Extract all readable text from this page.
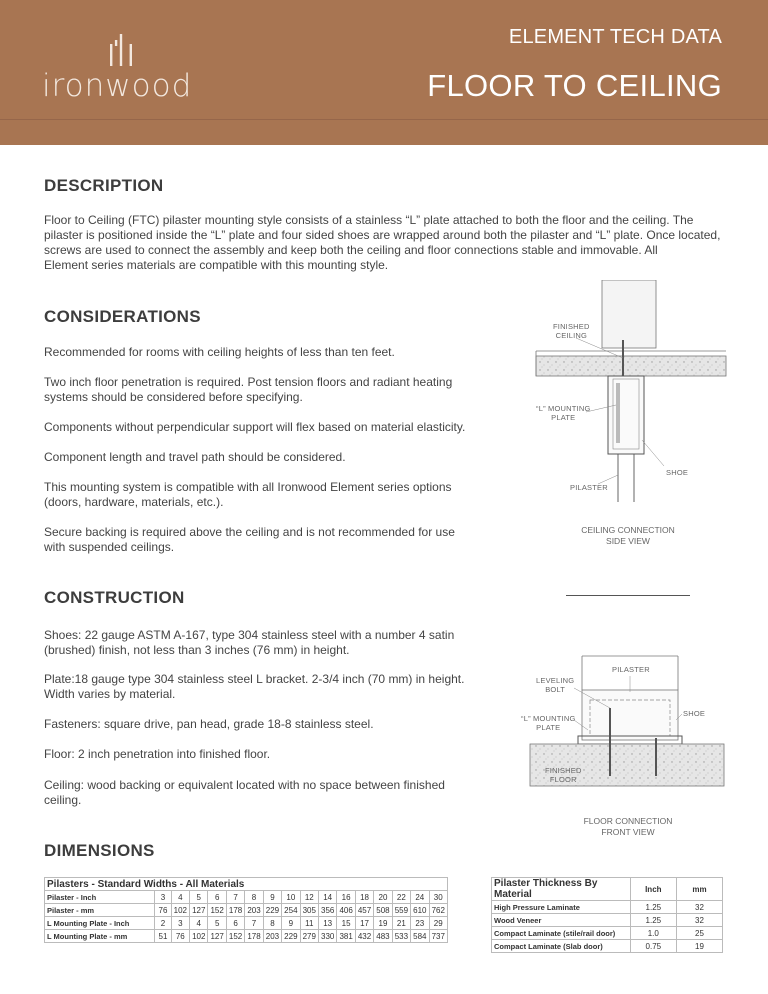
ironwood
ELEMENT TECH DATA
FLOOR TO CEILING
DESCRIPTION
Floor to Ceiling (FTC) pilaster mounting style consists of a stainless “L” plate attached to both the floor and the ceiling. The
pilaster is positioned inside the “L” plate and four sided shoes are wrapped around both the pilaster and “L” plate. Once located,
screws are used to connect the assembly and keep both the ceiling and floor connections stable and immovable. All
Element series materials are compatible with this mounting style.
CONSIDERATIONS
Recommended for rooms with ceiling heights of less than ten feet.
Two inch floor penetration is required. Post tension floors and radiant heating
systems should be considered before specifying.
Components without perpendicular support will flex based on material elasticity.
Component length and travel path should be considered.
This mounting system is compatible with all Ironwood Element series options
(doors, hardware, materials, etc.).
Secure backing is required above the ceiling and is not recommended for use
with suspended ceilings.
FINISHED
CEILING
“L” MOUNTING
PLATE
SHOE
PILASTER
CEILING CONNECTION
SIDE VIEW
CONSTRUCTION
Shoes: 22 gauge ASTM A-167, type 304 stainless steel with a number 4 satin
(brushed) finish, not less than 3 inches (76 mm) in height.
Plate:18 gauge type 304 stainless steel L bracket. 2-3/4 inch (70 mm) in height.
Width varies by material.
Fasteners: square drive, pan head, grade 18-8 stainless steel.
Floor: 2 inch penetration into finished floor.
Ceiling: wood backing or equivalent located with no space between finished
ceiling.
PILASTER
LEVELING
BOLT
“L” MOUNTING
PLATE
SHOE
FINISHED
FLOOR
FLOOR CONNECTION
FRONT VIEW
DIMENSIONS
Pilasters - Standard Widths - All Materials																
Pilaster - Inch	3	4	5	6	7	8	9	10	12	14	16	18	20	22	24	30
Pilaster - mm	76	102	127	152	178	203	229	254	305	356	406	457	508	559	610	762
L Mounting Plate - Inch	2	3	4	5	6	7	8	9	11	13	15	17	19	21	23	29
L Mounting Plate - mm	51	76	102	127	152	178	203	229	279	330	381	432	483	533	584	737
Pilaster Thickness By Material	Inch	mm
High Pressure Laminate	1.25	32
Wood Veneer	1.25	32
Compact Laminate (stile/rail door)	1.0	25
Compact Laminate (Slab door)	0.75	19
